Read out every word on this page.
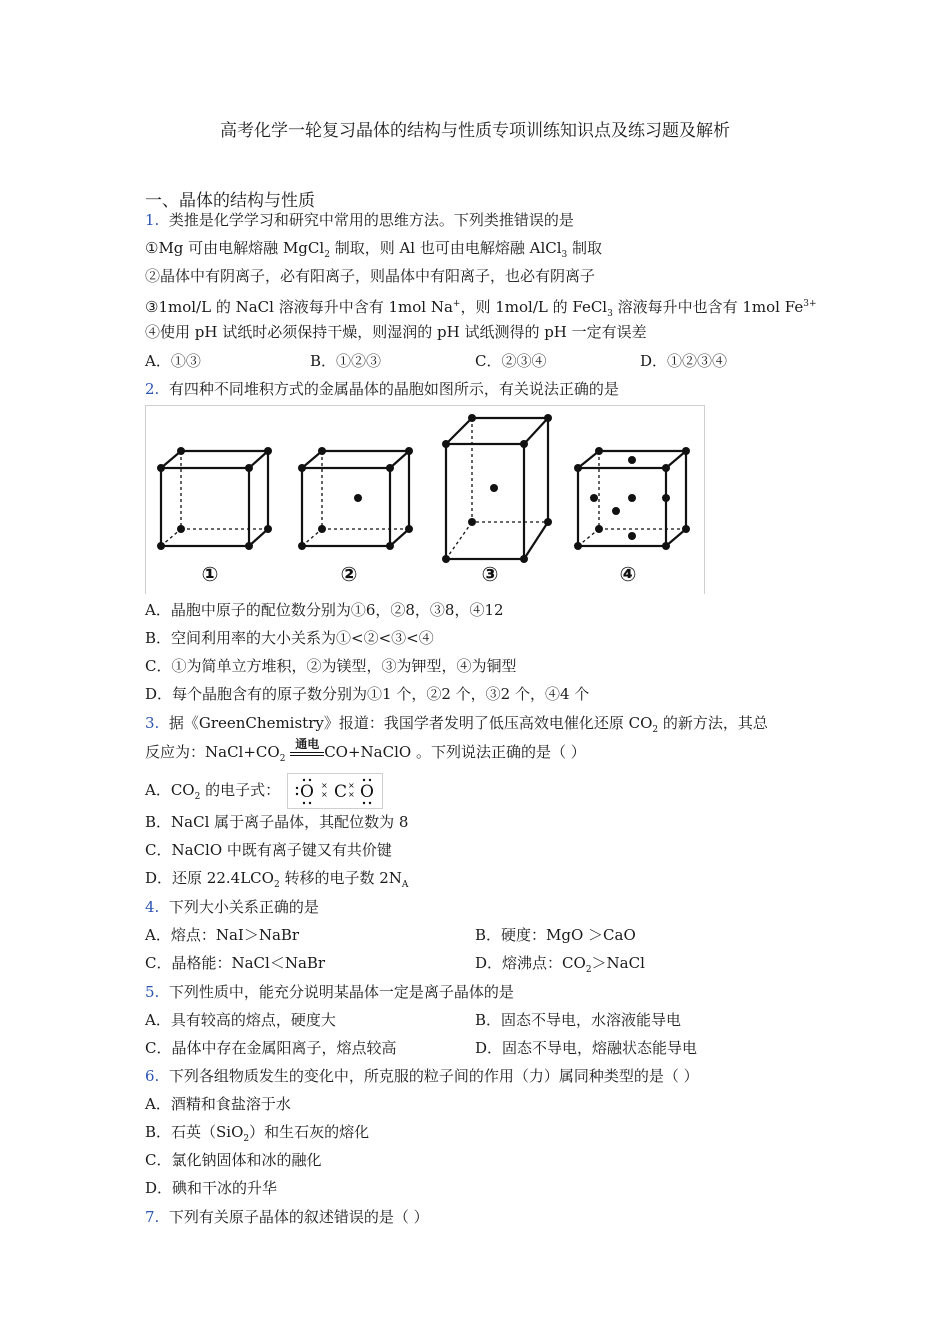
高考化学一轮复习晶体的结构与性质专项训练知识点及练习题及解析
一、晶体的结构与性质
1. 类推是化学学习和研究中常用的思维方法。下列类推错误的是
①Mg 可由电解熔融 MgCl$_2$ 制取，则 Al 也可由电解熔融 AlCl$_3$ 制取
②晶体中有阴离子，必有阳离子，则晶体中有阳离子，也必有阴离子
③1mol/L 的 NaCl 溶液每升中含有 1mol Na+，则 1mol/L 的 FeCl$_3$ 溶液每升中也含有 1mol $Fe^{3+}$
④使用 pH 试纸时必须保持干燥，则湿润的 pH 试纸测得的 pH 一定有误差
A．①③	B．①②③	C．②③④	D．①②③④
2. 有四种不同堆积方式的金属晶体的晶胞如图所示，有关说法正确的是
①	②	③	④
A．晶胞中原子的配位数分别为①6，②8，③8，④12
B．空间利用率的大小关系为①<②<③<④
C．①为简单立方堆积，②为镁型，③为钾型，④为铜型
D．每个晶胞含有的原子数分别为①1 个，②2 个，③2 个，④4 个
3. 据《GreenChemistry》报道：我国学者发明了低压高效电催化还原 $CO_2$ 的新方法，其总
反应为：$NaCl+CO_2$
通电 CO+NaClO 。下列说法正确的是（ ）
A．$CO_2$ 的电子式： O C O
×
×
×
×
B．NaCl 属于离子晶体，其配位数为 8
C．NaClO 中既有离子键又有共价键
D．还原 $22.4LCO_2$ 转移的电子数 $2N_A$
4. 下列大小关系正确的是
A．熔点：NaI＞NaBr	B．硬度：MgO ＞CaO
C．晶格能：NaCl＜NaBr	D．熔沸点：$CO_2>NaCl$
5. 下列性质中，能充分说明某晶体一定是离子晶体的是
A．具有较高的熔点，硬度大	B．固态不导电，水溶液能导电
C．晶体中存在金属阳离子，熔点较高	D．固态不导电，熔融状态能导电
6. 下列各组物质发生的变化中，所克服的粒子间的作用（力）属同种类型的是（ ）
A．酒精和食盐溶于水
B．石英（SiO$_2$）和生石灰的熔化
C．氯化钠固体和冰的融化
D．碘和干冰的升华
7. 下列有关原子晶体的叙述错误的是（ ）
